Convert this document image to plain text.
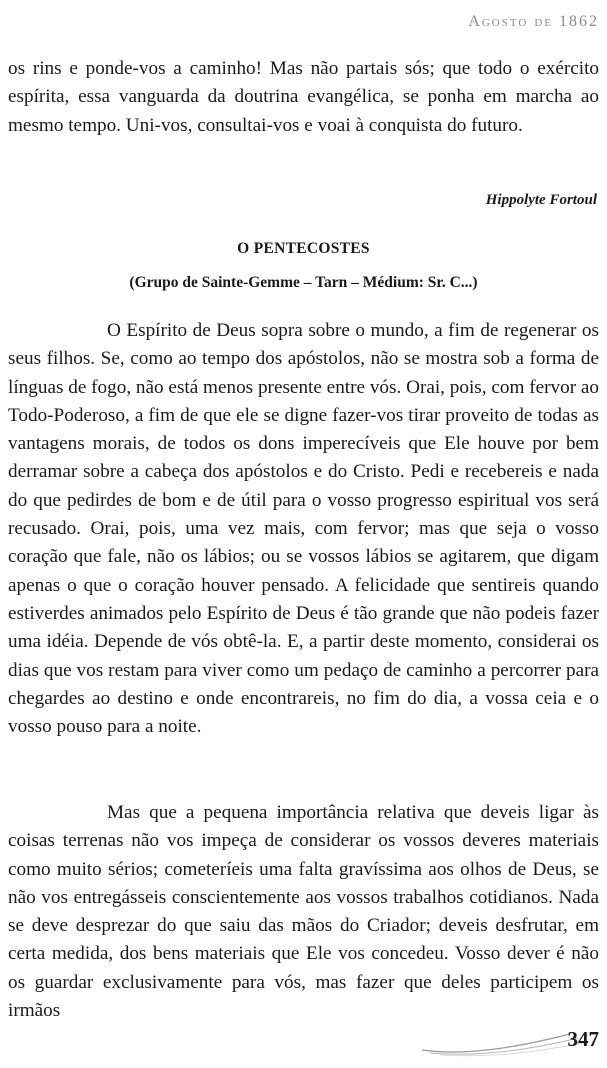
Agosto de 1862

os rins e ponde-vos a caminho! Mas não partais sós; que todo o exército espírita, essa vanguarda da doutrina evangélica, se ponha em marcha ao mesmo tempo. Uni-vos, consultai-vos e voai à conquista do futuro.

Hippolyte Fortoul
O PENTECOSTES
(Grupo de Sainte-Gemme – Tarn – Médium: Sr. C...)

O Espírito de Deus sopra sobre o mundo, a fim de regenerar os seus filhos. Se, como ao tempo dos apóstolos, não se mostra sob a forma de línguas de fogo, não está menos presente entre vós. Orai, pois, com fervor ao Todo-Poderoso, a fim de que ele se digne fazer-vos tirar proveito de todas as vantagens morais, de todos os dons imperecíveis que Ele houve por bem derramar sobre a cabeça dos apóstolos e do Cristo. Pedi e recebereis e nada do que pedirdes de bom e de útil para o vosso progresso espiritual vos será recusado. Orai, pois, uma vez mais, com fervor; mas que seja o vosso coração que fale, não os lábios; ou se vossos lábios se agitarem, que digam apenas o que o coração houver pensado. A felicidade que sentireis quando estiverdes animados pelo Espírito de Deus é tão grande que não podeis fazer uma idéia. Depende de vós obtê-la. E, a partir deste momento, considerai os dias que vos restam para viver como um pedaço de caminho a percorrer para chegardes ao destino e onde encontrareis, no fim do dia, a vossa ceia e o vosso pouso para a noite.

Mas que a pequena importância relativa que deveis ligar às coisas terrenas não vos impeça de considerar os vossos deveres materiais como muito sérios; cometeríeis uma falta gravíssima aos olhos de Deus, se não vos entregásseis conscientemente aos vossos trabalhos cotidianos. Nada se deve desprezar do que saiu das mãos do Criador; deveis desfrutar, em certa medida, dos bens materiais que Ele vos concedeu. Vosso dever é não os guardar exclusivamente para vós, mas fazer que deles participem os irmãos

347
